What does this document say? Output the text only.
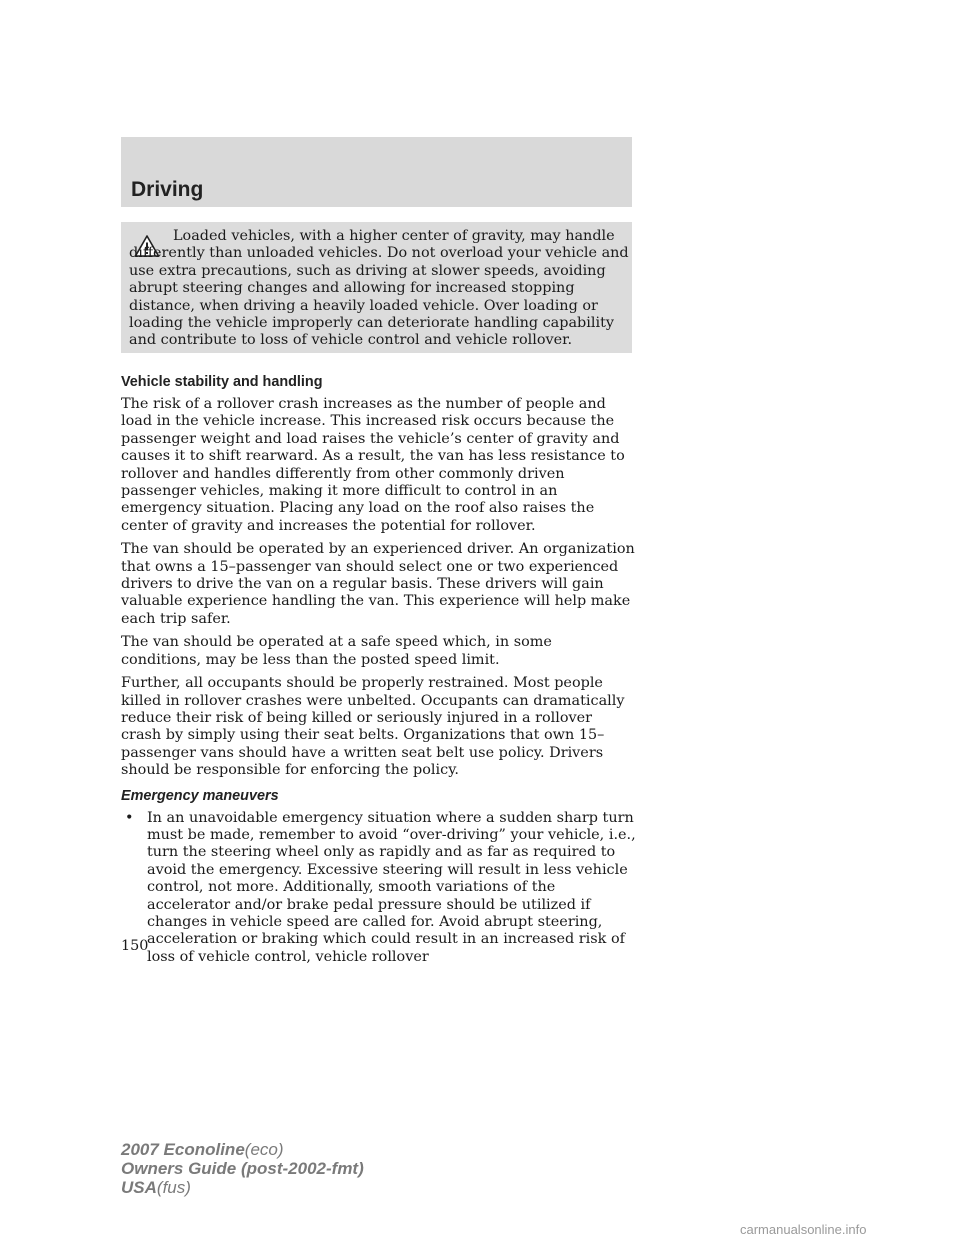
Driving
Loaded vehicles, with a higher center of gravity, may handle differently than unloaded vehicles. Do not overload your vehicle and use extra precautions, such as driving at slower speeds, avoiding abrupt steering changes and allowing for increased stopping distance, when driving a heavily loaded vehicle. Over loading or loading the vehicle improperly can deteriorate handling capability and contribute to loss of vehicle control and vehicle rollover.
Vehicle stability and handling

The risk of a rollover crash increases as the number of people and load in the vehicle increase. This increased risk occurs because the passenger weight and load raises the vehicle’s center of gravity and causes it to shift rearward. As a result, the van has less resistance to rollover and handles differently from other commonly driven passenger vehicles, making it more difficult to control in an emergency situation. Placing any load on the roof also raises the center of gravity and increases the potential for rollover.

The van should be operated by an experienced driver. An organization that owns a 15–passenger van should select one or two experienced drivers to drive the van on a regular basis. These drivers will gain valuable experience handling the van. This experience will help make each trip safer.

The van should be operated at a safe speed which, in some conditions, may be less than the posted speed limit.

Further, all occupants should be properly restrained. Most people killed in rollover crashes were unbelted. Occupants can dramatically reduce their risk of being killed or seriously injured in a rollover crash by simply using their seat belts. Organizations that own 15–passenger vans should have a written seat belt use policy. Drivers should be responsible for enforcing the policy.

Emergency maneuvers
• In an unavoidable emergency situation where a sudden sharp turn must be made, remember to avoid “over-driving” your vehicle, i.e., turn the steering wheel only as rapidly and as far as required to avoid the emergency. Excessive steering will result in less vehicle control, not more. Additionally, smooth variations of the accelerator and/or brake pedal pressure should be utilized if changes in vehicle speed are called for. Avoid abrupt steering, acceleration or braking which could result in an increased risk of loss of vehicle control, vehicle rollover
150
2007 Econoline(eco)
Owners Guide (post-2002-fmt)
USA(fus)
carmanualsonline.info
